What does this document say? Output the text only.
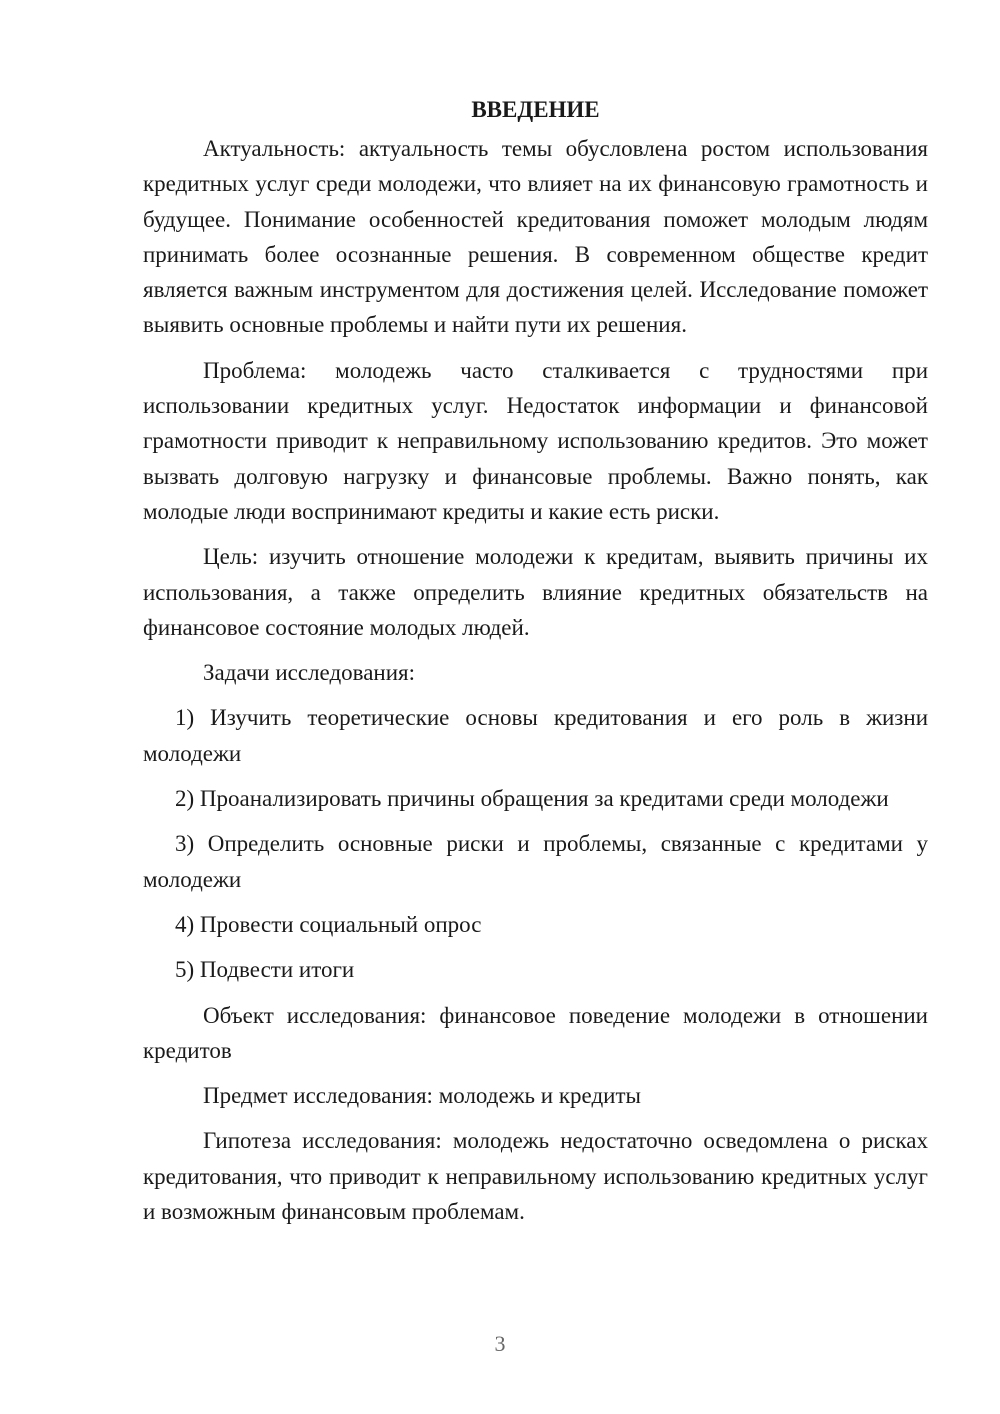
ВВЕДЕНИЕ

Актуальность: актуальность темы обусловлена ростом использования кредитных услуг среди молодежи, что влияет на их финансовую грамотность и будущее. Понимание особенностей кредитования поможет молодым людям принимать более осознанные решения. В современном обществе кредит является важным инструментом для достижения целей. Исследование поможет выявить основные проблемы и найти пути их решения.

Проблема: молодежь часто сталкивается с трудностями при использовании кредитных услуг. Недостаток информации и финансовой грамотности приводит к неправильному использованию кредитов. Это может вызвать долговую нагрузку и финансовые проблемы. Важно понять, как молодые люди воспринимают кредиты и какие есть риски.

Цель: изучить отношение молодежи к кредитам, выявить причины их использования, а также определить влияние кредитных обязательств на финансовое состояние молодых людей.

Задачи исследования:

1) Изучить теоретические основы кредитования и его роль в жизни молодежи

2) Проанализировать причины обращения за кредитами среди молодежи

3) Определить основные риски и проблемы, связанные с кредитами у молодежи

4) Провести социальный опрос

5) Подвести итоги

Объект исследования: финансовое поведение молодежи в отношении кредитов

Предмет исследования: молодежь и кредиты

Гипотеза исследования: молодежь недостаточно осведомлена о рисках кредитования, что приводит к неправильному использованию кредитных услуг и возможным финансовым проблемам.

3
